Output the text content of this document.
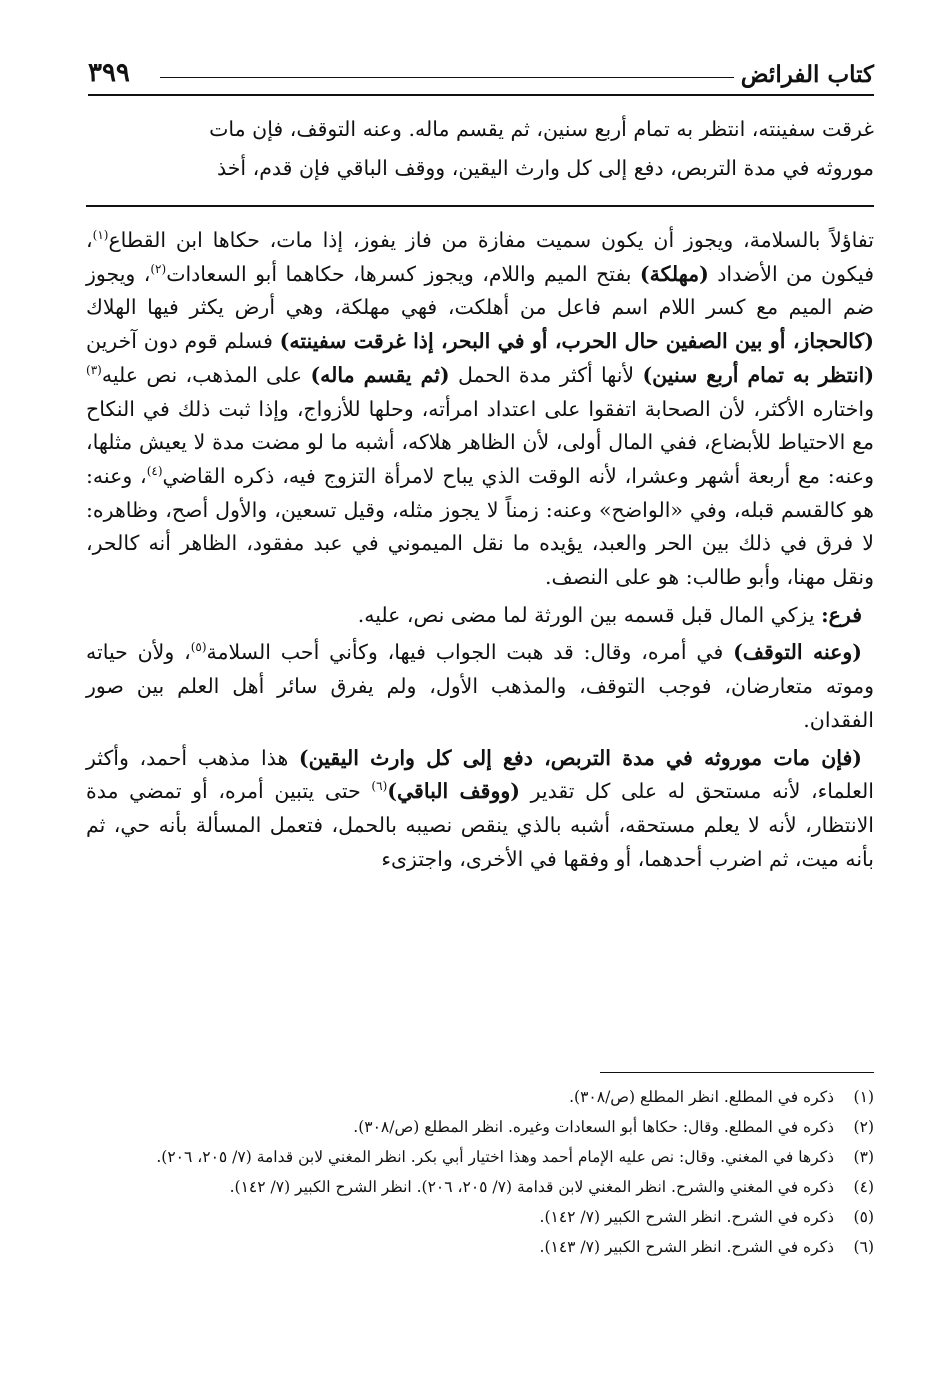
كتاب الفرائض
٣٩٩
غرقت سفينته، انتظر به تمام أربع سنين، ثم يقسم ماله. وعنه التوقف، فإن مات
موروثه في مدة التربص، دفع إلى كل وارث اليقين، ووقف الباقي فإن قدم، أخذ

تفاؤلاً بالسلامة، ويجوز أن يكون سميت مفازة من فاز يفوز، إذا مات، حكاها ابن القطاع$^{(١)}$، فيكون من الأضداد (مهلكة) بفتح الميم واللام، ويجوز كسرها، حكاهما أبو السعادات$^{(٢)}$، ويجوز ضم الميم مع كسر اللام اسم فاعل من أهلكت، فهي مهلكة، وهي أرض يكثر فيها الهلاك (كالحجاز، أو بين الصفين حال الحرب، أو في البحر، إذا غرقت سفينته) فسلم قوم دون آخرين (انتظر به تمام أربع سنين) لأنها أكثر مدة الحمل (ثم يقسم ماله) على المذهب، نص عليه$^{(٣)}$ واختاره الأكثر، لأن الصحابة اتفقوا على اعتداد امرأته، وحلها للأزواج، وإذا ثبت ذلك في النكاح مع الاحتياط للأبضاع، ففي المال أولى، لأن الظاهر هلاكه، أشبه ما لو مضت مدة لا يعيش مثلها، وعنه: مع أربعة أشهر وعشرا، لأنه الوقت الذي يباح لامرأة التزوج فيه، ذكره القاضي$^{(٤)}$، وعنه: هو كالقسم قبله، وفي «الواضح» وعنه: زمناً لا يجوز مثله، وقيل تسعين، والأول أصح، وظاهره: لا فرق في ذلك بين الحر والعبد، يؤيده ما نقل الميموني في عبد مفقود، الظاهر أنه كالحر، ونقل مهنا، وأبو طالب: هو على النصف.

فرع: يزكي المال قبل قسمه بين الورثة لما مضى نص، عليه.

(وعنه التوقف) في أمره، وقال: قد هبت الجواب فيها، وكأني أحب السلامة$^{(٥)}$، ولأن حياته وموته متعارضان، فوجب التوقف، والمذهب الأول، ولم يفرق سائر أهل العلم بين صور الفقدان.

(فإن مات موروثه في مدة التربص، دفع إلى كل وارث اليقين) هذا مذهب أحمد، وأكثر العلماء، لأنه مستحق له على كل تقدير (ووقف الباقي)$^{(٦)}$ حتى يتبين أمره، أو تمضي مدة الانتظار، لأنه لا يعلم مستحقه، أشبه بالذي ينقص نصيبه بالحمل، فتعمل المسألة بأنه حي، ثم بأنه ميت، ثم اضرب أحدهما، أو وفقها في الأخرى، واجتزىء

(١)
ذكره في المطلع. انظر المطلع (ص/٣٠٨).
(٢)
ذكره في المطلع. وقال: حكاها أبو السعادات وغيره. انظر المطلع (ص/٣٠٨).
(٣)
ذكرها في المغني. وقال: نص عليه الإمام أحمد وهذا اختيار أبي بكر. انظر المغني لابن قدامة (٧/ ٢٠٥، ٢٠٦).
(٤)
ذكره في المغني والشرح. انظر المغني لابن قدامة (٧/ ٢٠٥، ٢٠٦). انظر الشرح الكبير (٧/ ١٤٢).
(٥)
ذكره في الشرح. انظر الشرح الكبير (٧/ ١٤٢).
(٦)
ذكره في الشرح. انظر الشرح الكبير (٧/ ١٤٣).
